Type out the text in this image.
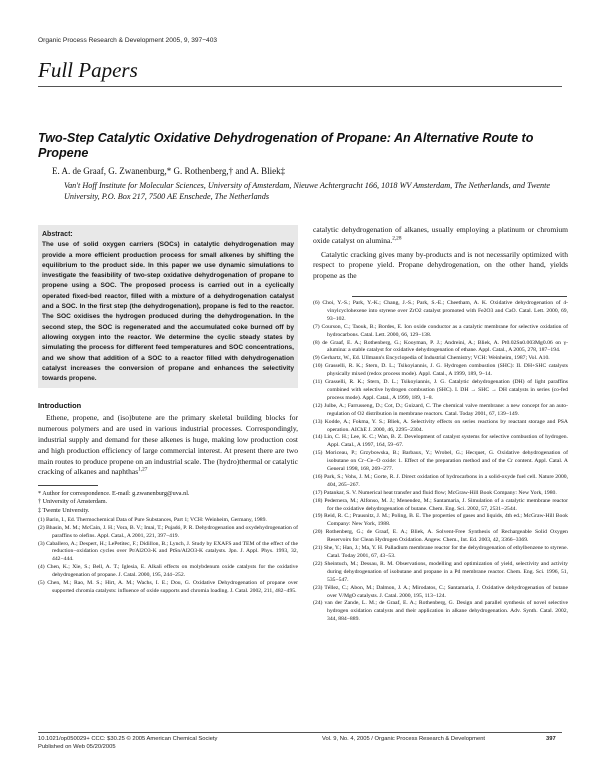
Organic Process Research & Development 2005, 9, 397−403
Full Papers
Two-Step Catalytic Oxidative Dehydrogenation of Propane: An Alternative Route to Propene
E. A. de Graaf, G. Zwanenburg,* G. Rothenberg,† and A. Bliek‡
Van't Hoff Institute for Molecular Sciences, University of Amsterdam, Nieuwe Achtergracht 166, 1018 WV Amsterdam, The Netherlands, and Twente University, P.O. Box 217, 7500 AE Enschede, The Netherlands
Abstract:
The use of solid oxygen carriers (SOCs) in catalytic dehydrogenation may provide a more efficient production process for small alkenes by shifting the equilibrium to the product side. In this paper we use dynamic simulations to investigate the feasibility of two-step oxidative dehydrogenation of propane to propene using a SOC. The proposed process is carried out in a cyclically operated fixed-bed reactor, filled with a mixture of a dehydrogenation catalyst and a SOC. In the first step (the dehydrogenation), propane is fed to the reactor. The SOC oxidises the hydrogen produced during the dehydrogenation. In the second step, the SOC is regenerated and the accumulated coke burned off by allowing oxygen into the reactor. We determine the cyclic steady states by simulating the process for different feed temperatures and SOC concentrations, and we show that addition of a SOC to a reactor filled with dehydrogenation catalyst increases the conversion of propane and enhances the selectivity towards propene.
Introduction
Ethene, propene, and (iso)butene are the primary skeletal building blocks for numerous polymers and are used in various industrial processes. Correspondingly, industrial supply and demand for these alkenes is huge, making low production cost and high production efficiency of large commercial interest. At present there are two main routes to produce propene on an industrial scale. The (hydro)thermal or catalytic cracking of alkanes and naphthas$^{1,27}$
* Author for correspondence. E-mail: g.zwanenburg@uva.nl.
† University of Amsterdam.
‡ Twente University.
(1) Barin, I., Ed. Thermochemical Data of Pure Substances, Part 1; VCH: Weinheim, Germany, 1989.
(2) Bhasin, M. M.; McCain, J. H.; Vora, B. V.; Imai, T.; Pujadó, P. R. Dehydrogenation and oxydehydrogenation of paraffins to olefins. Appl. Catal., A 2001, 221, 397−419.
(3) Caballero, A.; Despert, H.; LePetitec, F.; Didillon, B.; Lynch, J. Study by EXAFS and TEM of the effect of the reduction−oxidation cycles over Pt/Al2O3-K and PtSn/Al2O3-K catalysts. Jpn. J. Appl. Phys. 1993, 32, 442−444.
(4) Chen, K.; Xie, S.; Bell, A. T.; Iglesia, E. Alkali effects on molybdenum oxide catalysts for the oxidative dehydrogenation of propane. J. Catal. 2000, 195, 244−252.
(5) Chen, M.; Rao, M. S.; Hirt, A. M.; Wachs, I. E.; Dou, G. Oxidative Dehydrogenation of propane over supported chromia catalysts: influence of oxide supports and chromia loading. J. Catal. 2002, 211, 482−495.
catalytic dehydrogenation of alkanes, usually employing a platinum or chromium oxide catalyst on alumina.$^{2,28}$
Catalytic cracking gives many by-products and is not necessarily optimized with respect to propene yield. Propane dehydrogenation, on the other hand, yields propene as the
(6) Choi, Y.-S.; Park, Y.-K.; Chang, J.-S.; Park, S.-E.; Cheetham, A. K. Oxidative dehydrogenation of 4-vinylcyclohexene into styrene over ZrO2 catalyst promoted with Fe2O3 and CaO. Catal. Lett. 2000, 69, 93−102.
(7) Courson, C.; Taouk, B.; Bordes, E. Ion oxide conductor as a catalytic membrane for selective oxidation of hydrocarbons. Catal. Lett. 2000, 66, 129−138.
(8) de Graaf, E. A.; Rothenberg, G.; Kooyman, P. J.; Andreini, A.; Bliek, A. Pt0.02Sn0.003Mg0.06 on γ-alumina: a stable catalyst for oxidative dehydrogenation of ethane. Appl. Catal., A 2005, 278, 187−194.
(9) Gerhartz, W., Ed. Ullmann's Encyclopedia of Industrial Chemistry; VCH: Weinheim, 1987; Vol. A10.
(10) Grasselli, R. K.; Stern, D. L.; Tsikoyiannis, J. G. Hydrogen combustion (SHC): II. DH+SHC catalysts physically mixed (redox process mode). Appl. Catal., A 1999, 189, 9−14.
(11) Grasselli, R. K.; Stern, D. L.; Tsikoyiannis, J. G. Catalytic dehydrogenation (DH) of light paraffins combined with selective hydrogen combustion (SHC). I. DH → SHC → DH catalysts in series (co-fed process mode). Appl. Catal., A 1999, 189, 1−8.
(12) Julbe, A.; Farrusseng, D.; Cot, D.; Guizard, C. The chemical valve membrane: a new concept for an auto-regulation of O2 distribution in membrane reactors. Catal. Today 2001, 67, 139−149.
(13) Kodde, A.; Fokma, Y. S.; Bliek, A. Selectivity effects on series reactions by reactant storage and PSA operation. AIChE J. 2000, 46, 2295−2304.
(14) Lin, C. H.; Lee, K. C.; Wan, B. Z. Development of catalyst systems for selective combustion of hydrogen. Appl. Catal., A 1997, 164, 59−67.
(15) Moriceau, P.; Grzybowska, B.; Barbaux, Y.; Wrobel, G.; Hecquet, G. Oxidative dehydrogenation of isobutane on Cr−Ce−O oxide: 1. Effect of the preparation method and of the Cr content. Appl. Catal. A General 1998, 168, 269−277.
(16) Park, S.; Vohs, J. M.; Gorte, R. J. Direct oxidation of hydrocarbons in a solid-oxyde fuel cell. Nature 2000, 404, 265−267.
(17) Patankar, S. V. Numerical heat transfer and fluid flow; McGraw-Hill Book Company: New York, 1980.
(18) Pedernera, M.; Alfonso, M. J.; Menendez, M.; Santamaria, J. Simulation of a catalytic membrane reactor for the oxidative dehydrogenation of butane. Chem. Eng. Sci. 2002, 57, 2531−2544.
(19) Reid, R. C.; Prausnitz, J. M.; Poling, B. E. The properties of gases and liquids, 4th ed.; McGraw-Hill Book Company: New York, 1988.
(20) Rothenberg, G.; de Graaf, E. A.; Bliek, A. Solvent-Free Synthesis of Rechargeable Solid Oxygen Reservoirs for Clean Hydrogen Oxidation. Angew. Chem., Int. Ed. 2003, 42, 3366−3369.
(21) She, Y.; Han, J.; Ma, Y. H. Palladium membrane reactor for the dehydrogenation of ethylbenzene to styrene. Catal. Today 2001, 67, 43−53.
(22) Sheintuch, M.; Dessau, R. M. Observations, modelling and optimization of yield, selectivity and activity during dehydrogenation of isobutane and propane in a Pd membrane reactor. Chem. Eng. Sci. 1996, 51, 535−547.
(23) Téllez, C.; Abon, M.; Dalmon, J. A.; Mirodatos, C.; Santamaria, J. Oxidative dehydrogenation of butane over V/MgO catalysts. J. Catal. 2000, 195, 113−124.
(24) van der Zande, L. M.; de Graaf, E. A.; Rothenberg, G. Design and parallel synthesis of novel selective hydrogen oxidation catalysts and their application in alkane dehydrogenation. Adv. Synth. Catal. 2002, 344, 884−889.
10.1021/op050029+ CCC: $30.25 © 2005 American Chemical Society
Published on Web 05/20/2005
Vol. 9, No. 4, 2005 / Organic Process Research & Development	397
